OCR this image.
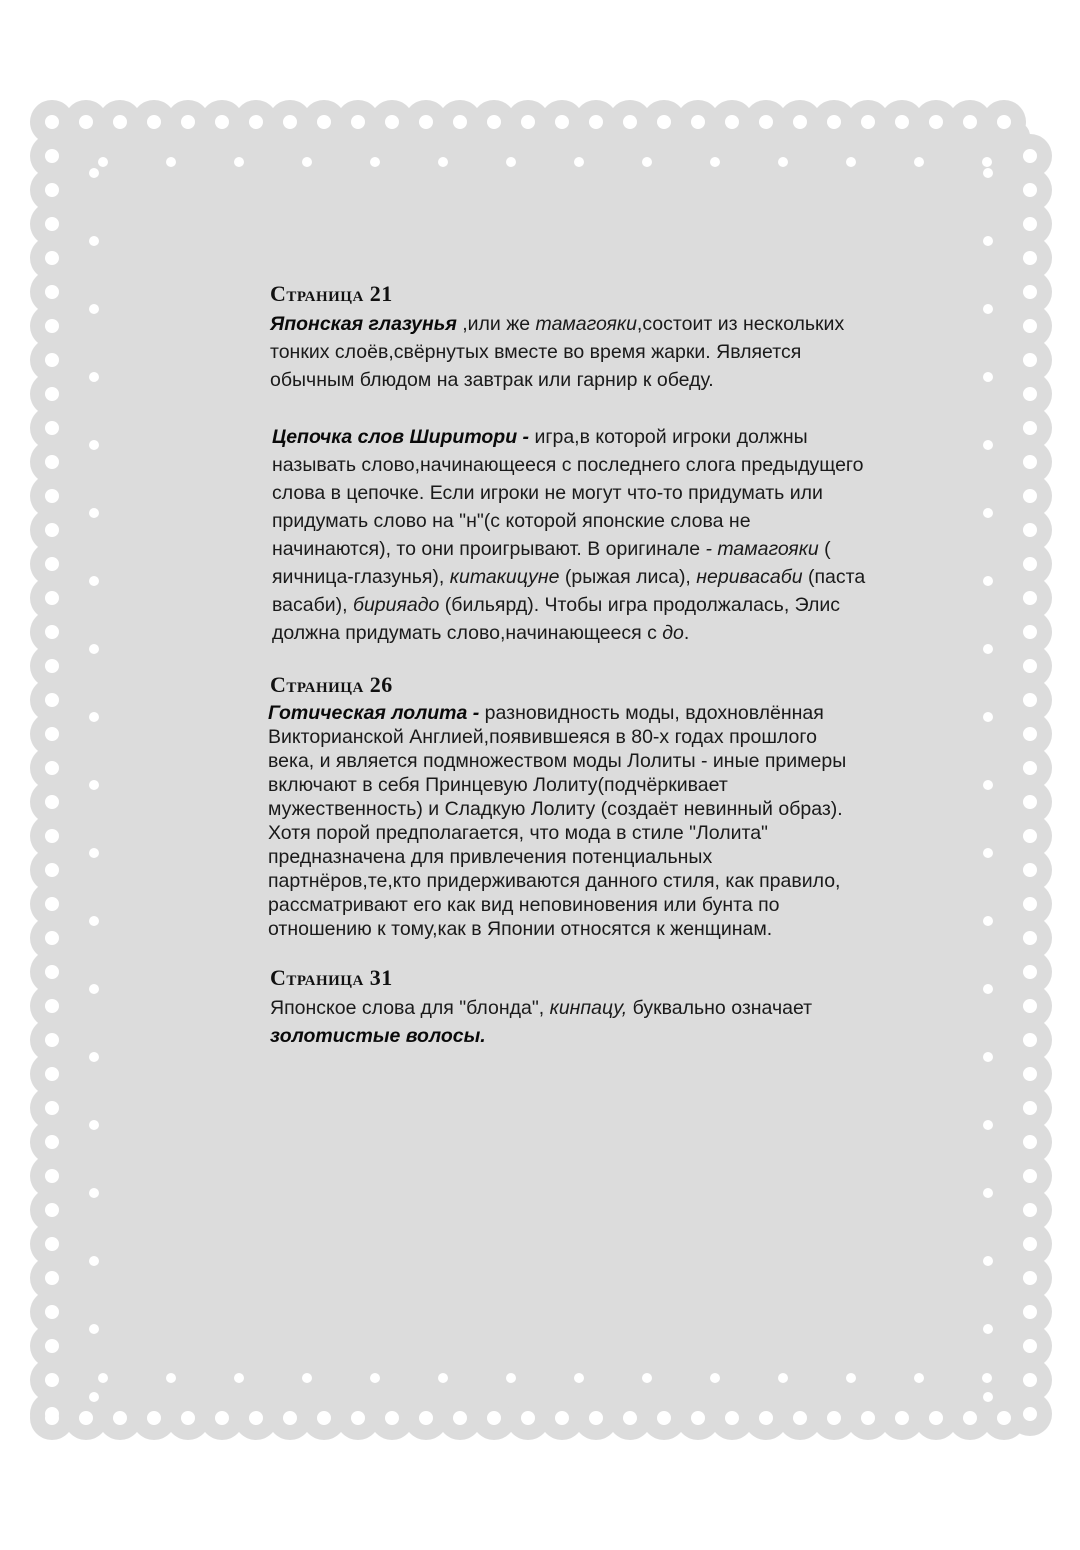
Страница 21

Японская глазунья ,или же тамагояки,состоит из нескольких тонких слоёв,свёрнутых вместе во время жарки. Является обычным блюдом на завтрак или гарнир к обеду.

Цепочка слов Ширитори - игра,в которой игроки должны называть слово,начинающееся с последнего слога предыдущего слова в цепочке. Если игроки не могут что-то придумать или придумать слово на "н"(с которой японские слова не начинаются), то они проигрывают. В оригинале - тамагояки ( яичница-глазунья), китакицуне (рыжая лиса), неривасаби (паста васаби), бирияадо (бильярд). Чтобы игра продолжалась, Элис должна придумать слово,начинающееся с до.

Страница 26

Готическая лолита - разновидность моды, вдохновлённая Викторианской Англией,появившеяся в 80-х годах прошлого века, и является подмножеством моды Лолиты - иные примеры включают в себя Принцевую Лолиту(подчёркивает мужественность) и Сладкую Лолиту (создаёт невинный образ). Хотя порой предполагается, что мода в стиле "Лолита" предназначена для привлечения потенциальных партнёров,те,кто придерживаются данного стиля, как правило, рассматривают его как вид неповиновения или бунта по отношению к тому,как в Японии относятся к женщинам.

Страница 31

Японское слова для "блонда", кинпацу, буквально означает золотистые волосы.
